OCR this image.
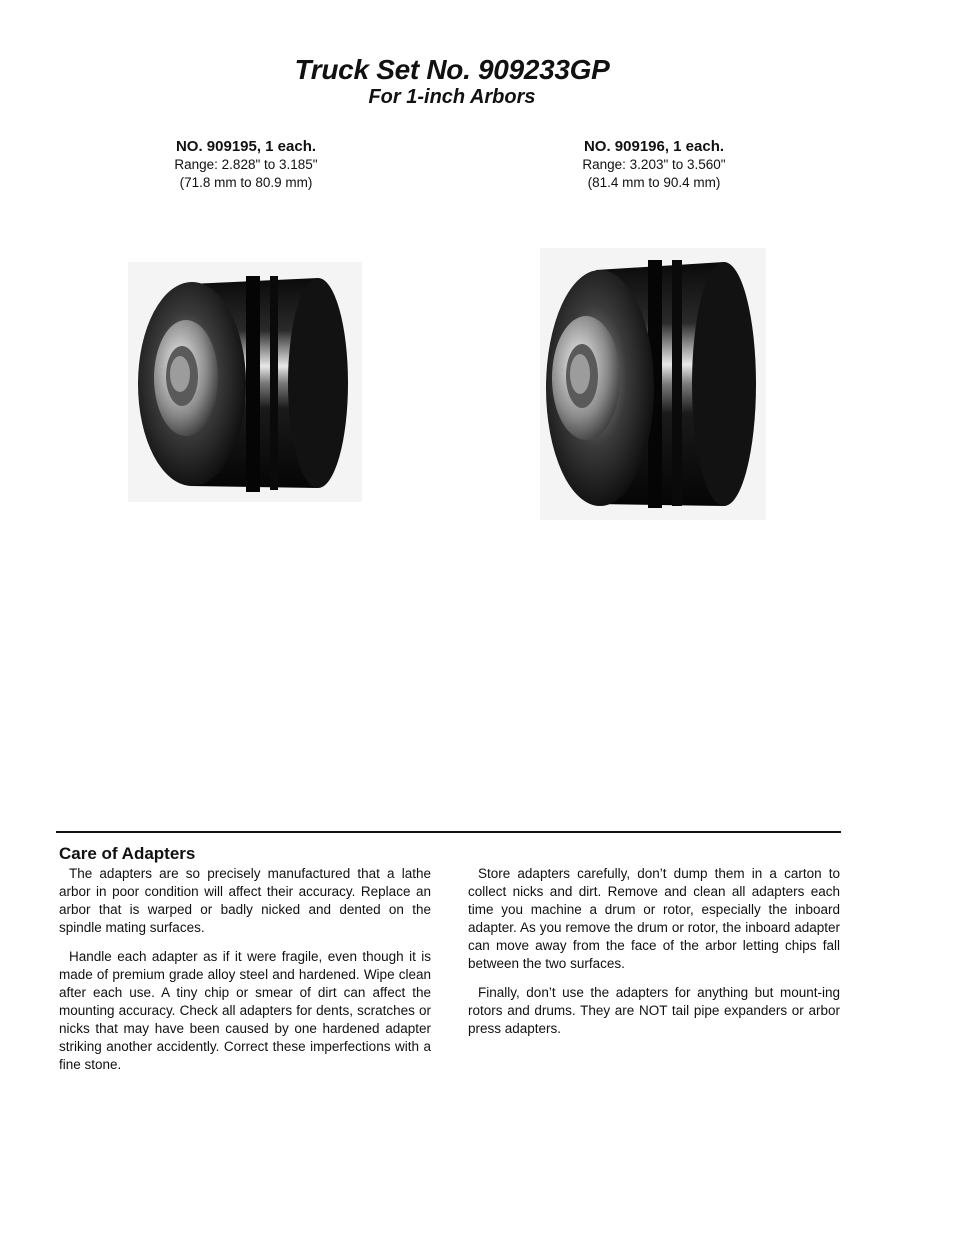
Truck Set No. 909233GP
For 1-inch Arbors
NO. 909195, 1 each.
Range: 2.828" to 3.185"
(71.8 mm to 80.9 mm)
NO. 909196, 1 each.
Range: 3.203" to 3.560"
(81.4 mm to 90.4 mm)
Care of Adapters

The adapters are so precisely manufactured that a lathe arbor in poor condition will affect their accuracy. Replace an arbor that is warped or badly nicked and dented on the spindle mating surfaces.

Handle each adapter as if it were fragile, even though it is made of premium grade alloy steel and hardened. Wipe clean after each use. A tiny chip or smear of dirt can affect the mounting accuracy. Check all adapters for dents, scratches or nicks that may have been caused by one hardened adapter striking another accidently. Correct these imperfections with a fine stone.

Store adapters carefully, don’t dump them in a carton to collect nicks and dirt. Remove and clean all adapters each time you machine a drum or rotor, especially the inboard adapter. As you remove the drum or rotor, the inboard adapter can move away from the face of the arbor letting chips fall between the two surfaces.

Finally, don’t use the adapters for anything but mount-ing rotors and drums. They are NOT tail pipe expanders or arbor press adapters.
